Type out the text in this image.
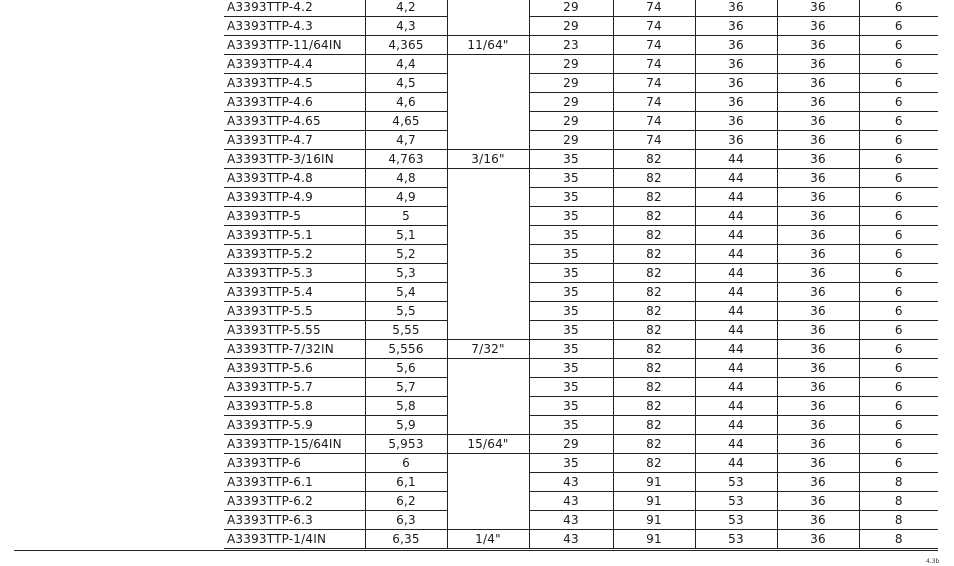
A3393TTP-4.2	4,2		29	74	36	36	6
A3393TTP-4.3	4,3		29	74	36	36	6
A3393TTP-11/64IN	4,365	11/64"	23	74	36	36	6
A3393TTP-4.4	4,4		29	74	36	36	6
A3393TTP-4.5	4,5		29	74	36	36	6
A3393TTP-4.6	4,6		29	74	36	36	6
A3393TTP-4.65	4,65		29	74	36	36	6
A3393TTP-4.7	4,7		29	74	36	36	6
A3393TTP-3/16IN	4,763	3/16"	35	82	44	36	6
A3393TTP-4.8	4,8		35	82	44	36	6
A3393TTP-4.9	4,9		35	82	44	36	6
A3393TTP-5	5		35	82	44	36	6
A3393TTP-5.1	5,1		35	82	44	36	6
A3393TTP-5.2	5,2		35	82	44	36	6
A3393TTP-5.3	5,3		35	82	44	36	6
A3393TTP-5.4	5,4		35	82	44	36	6
A3393TTP-5.5	5,5		35	82	44	36	6
A3393TTP-5.55	5,55		35	82	44	36	6
A3393TTP-7/32IN	5,556	7/32"	35	82	44	36	6
A3393TTP-5.6	5,6		35	82	44	36	6
A3393TTP-5.7	5,7		35	82	44	36	6
A3393TTP-5.8	5,8		35	82	44	36	6
A3393TTP-5.9	5,9		35	82	44	36	6
A3393TTP-15/64IN	5,953	15/64"	29	82	44	36	6
A3393TTP-6	6		35	82	44	36	6
A3393TTP-6.1	6,1		43	91	53	36	8
A3393TTP-6.2	6,2		43	91	53	36	8
A3393TTP-6.3	6,3		43	91	53	36	8
A3393TTP-1/4IN	6,35	1/4"	43	91	53	36	8
4.3b
